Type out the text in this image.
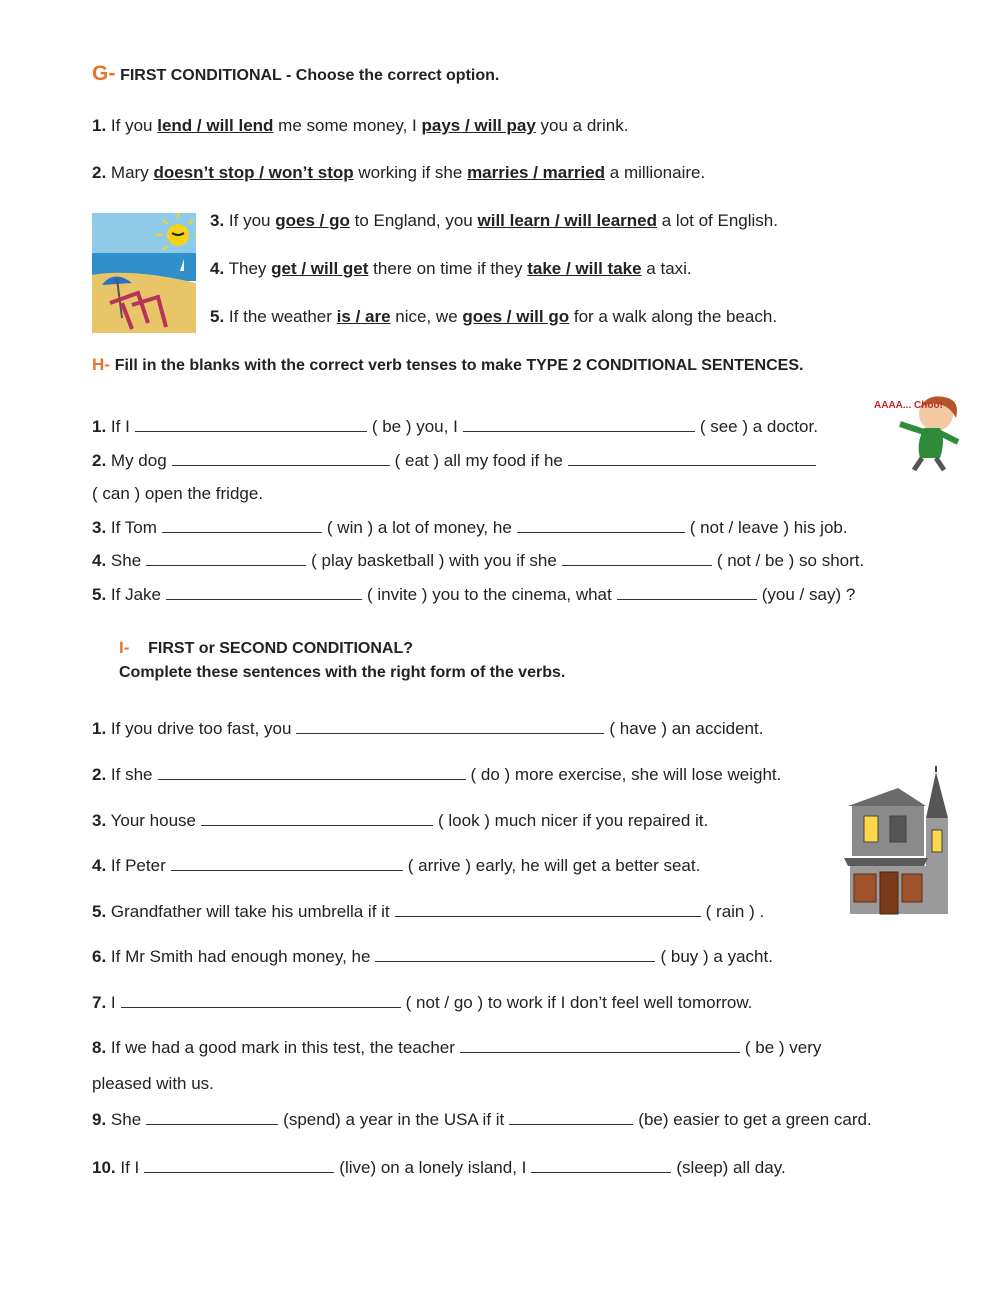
G- FIRST CONDITIONAL - Choose the correct option.
1. If you lend / will lend me some money, I pays / will pay you a drink.
2. Mary doesn’t stop / won’t stop working if she marries / married a millionaire.
3. If you goes / go to England, you will learn / will learned a lot of English.
4. They get / will get there on time if they take / will take a taxi.
5. If the weather is / are nice, we goes / will go for a walk along the beach.
H- Fill in the blanks with the correct verb tenses to make TYPE 2 CONDITIONAL SENTENCES.
1. If I	( be ) you, I	( see ) a doctor.
2. My dog	( eat ) all my food if he
( can ) open the fridge.
3. If Tom	( win ) a lot of money, he	( not / leave ) his job.
4. She	( play basketball ) with you if she	( not / be ) so short.
5. If Jake	( invite ) you to the cinema, what	(you / say) ?
AAAA... Choo!
I- FIRST or SECOND CONDITIONAL?
Complete these sentences with the right form of the verbs.
1. If you drive too fast, you	( have ) an accident.
2. If she	( do ) more exercise, she will lose weight.
3. Your house	( look ) much nicer if you repaired it.
4. If Peter	( arrive ) early, he will get a better seat.
5. Grandfather will take his umbrella if it	( rain ) .
6. If Mr Smith had enough money, he	( buy ) a yacht.
7. I	( not / go ) to work if I don’t feel well tomorrow.
8. If we had a good mark in this test, the teacher	( be ) very
pleased with us.
9. She	(spend) a year in the USA if it	(be) easier to get a green card.
10. If I	(live) on a lonely island, I	(sleep) all day.
